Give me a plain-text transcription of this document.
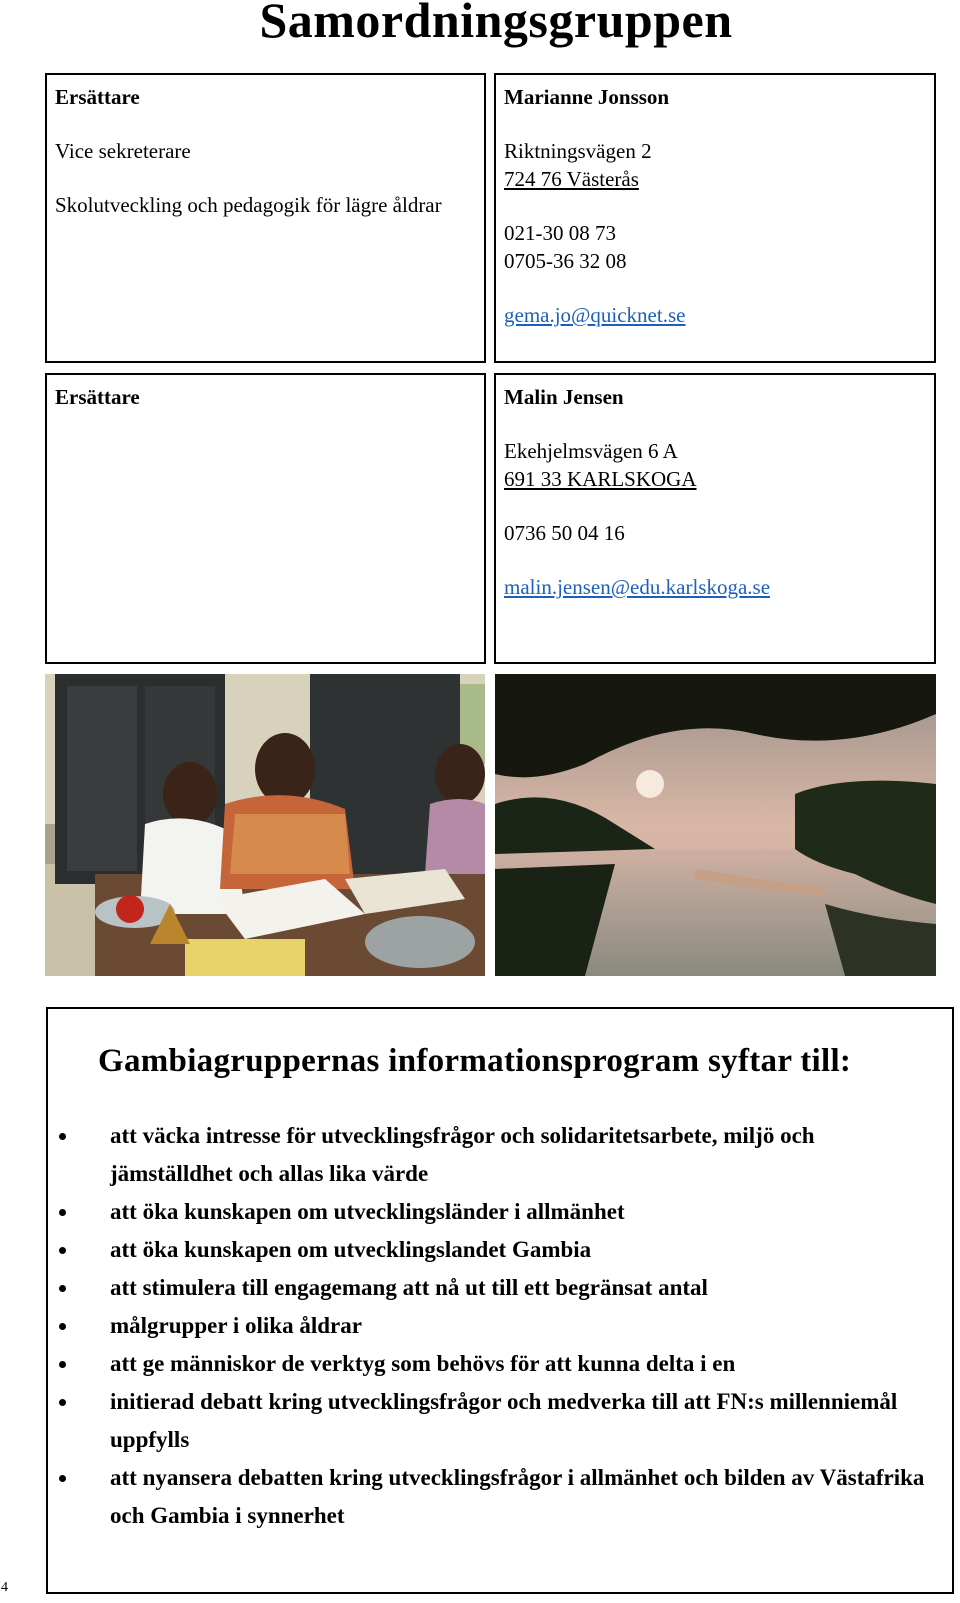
Samordningsgruppen

Ersättare

Vice sekreterare

Skolutveckling och pedagogik för lägre åldrar

Marianne Jonsson

Riktningsvägen 2

724 76 Västerås

021-30 08 73

0705-36 32 08

gema.jo@quicknet.se

Ersättare	Malin Jensen

Ekehjelmsvägen 6 A

691 33 KARLSKOGA

0736 50 04 16

malin.jensen@edu.karlskoga.se

Gambiagruppernas informationsprogram syftar till:
att väcka intresse för utvecklingsfrågor och solidaritetsarbete, miljö och jämställdhet och allas lika värde
att öka kunskapen om utvecklingsländer i allmänhet
att öka kunskapen om utvecklingslandet Gambia
att stimulera till engagemang att nå ut till ett begränsat antal
målgrupper i olika åldrar
att ge människor de verktyg som behövs för att kunna delta i en
initierad debatt kring utvecklingsfrågor och medverka till att FN:s millenniemål uppfylls
att nyansera debatten kring utvecklingsfrågor i allmänhet och bilden av Västafrika och Gambia i synnerhet
4
